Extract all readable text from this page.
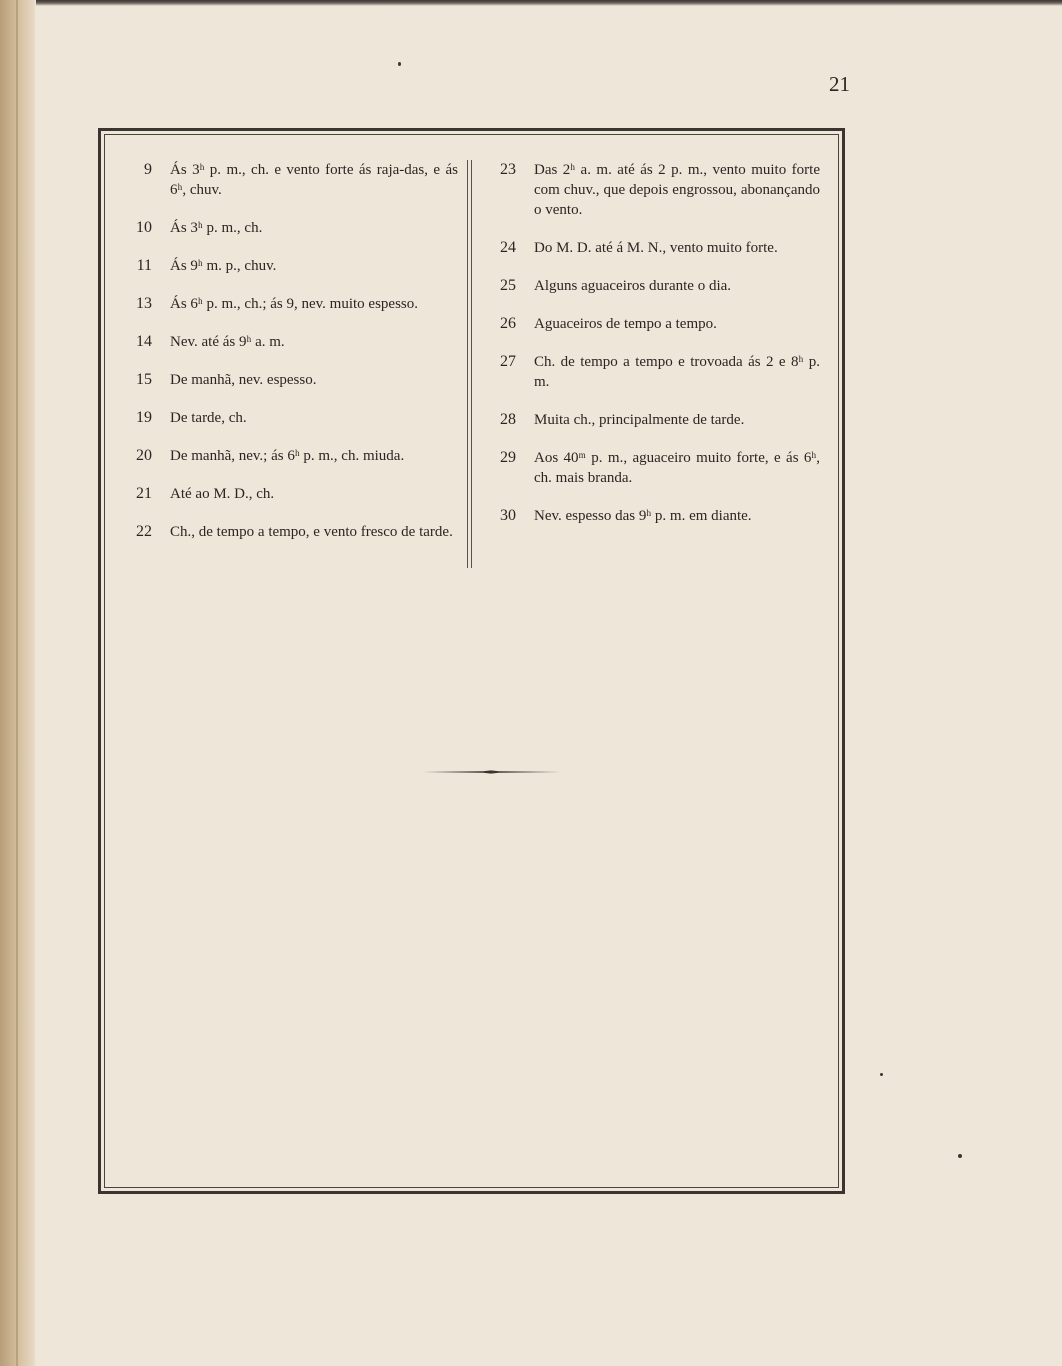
21
9	Ás 3ʰ p. m., ch. e vento forte ás raja-das, e ás 6ʰ, chuv.
10	Ás 3ʰ p. m., ch.
11	Ás 9ʰ m. p., chuv.
13	Ás 6ʰ p. m., ch.; ás 9, nev. muito espesso.
14	Nev. até ás 9ʰ a. m.
15	De manhã, nev. espesso.
19	De tarde, ch.
20	De manhã, nev.; ás 6ʰ p. m., ch. miuda.
21	Até ao M. D., ch.
22	Ch., de tempo a tempo, e vento fresco de tarde.
23	Das 2ʰ a. m. até ás 2 p. m., vento muito forte com chuv., que depois engrossou, abonançando o vento.
24	Do M. D. até á M. N., vento muito forte.
25	Alguns aguaceiros durante o dia.
26	Aguaceiros de tempo a tempo.
27	Ch. de tempo a tempo e trovoada ás 2 e 8ʰ p. m.
28	Muita ch., principalmente de tarde.
29	Aos 40ᵐ p. m., aguaceiro muito forte, e ás 6ʰ, ch. mais branda.
30	Nev. espesso das 9ʰ p. m. em diante.
